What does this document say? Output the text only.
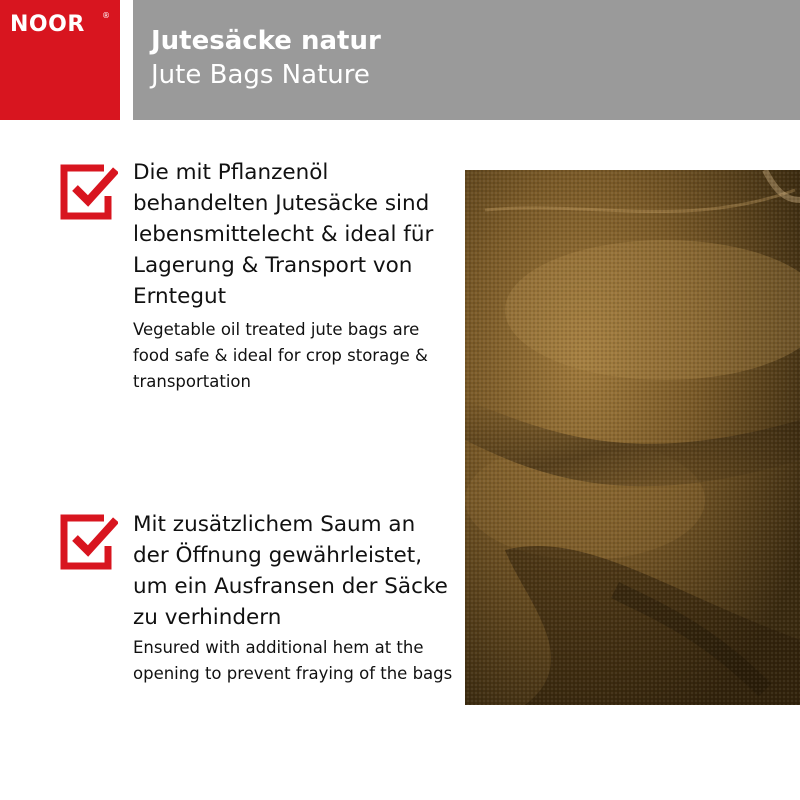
NOOR ®
Jutesäcke natur
Jute Bags Nature
Die mit Pflanzenöl behandelten Jutesäcke sind lebensmittelecht & ideal für Lagerung & Transport von Erntegut
Vegetable oil treated jute bags are food safe & ideal for crop storage & transportation
Mit zusätzlichem Saum an der Öffnung gewährleistet, um ein Ausfransen der Säcke zu verhindern
Ensured with additional hem at the opening to prevent fraying of the bags
